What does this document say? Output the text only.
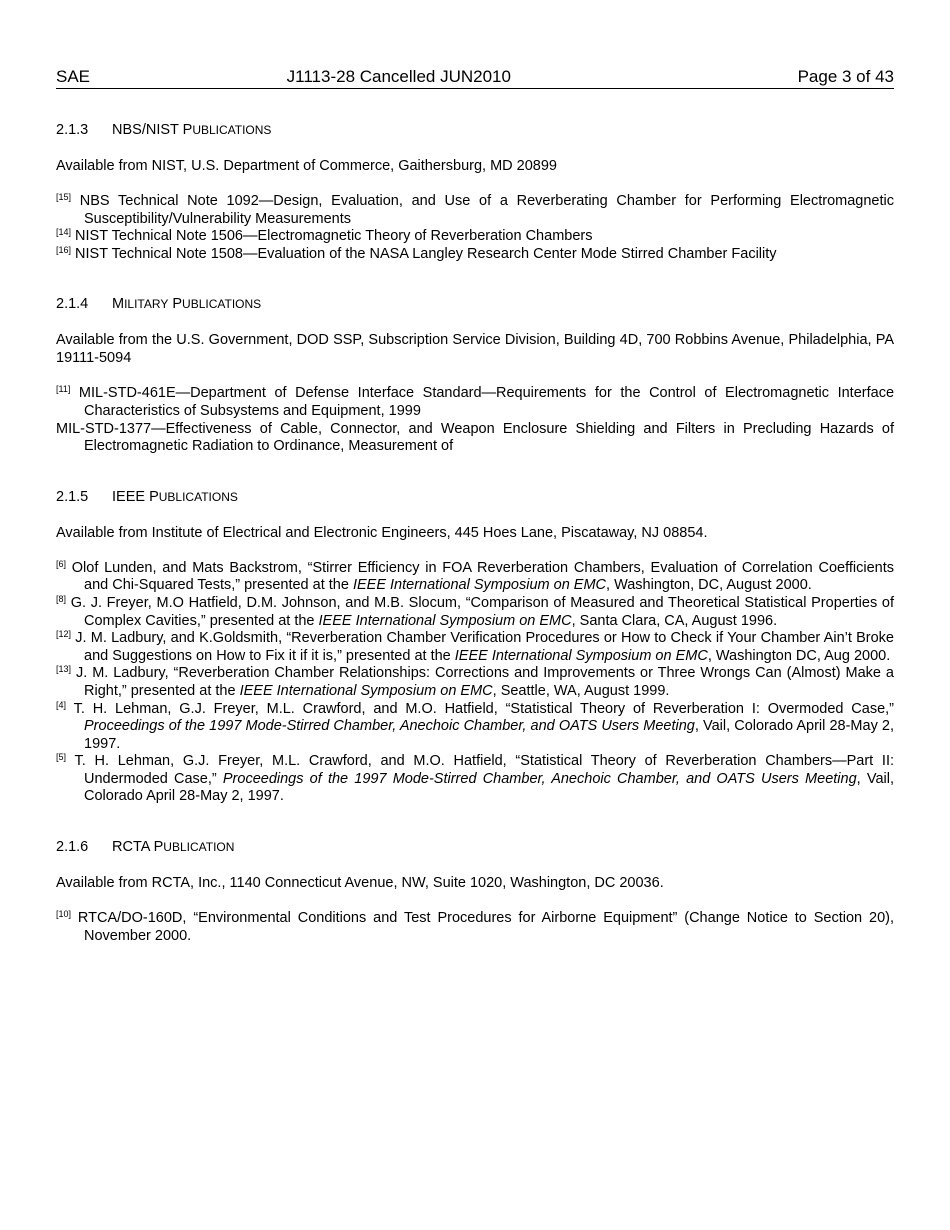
SAE	J1113-28 Cancelled JUN2010	Page 3 of 43
2.1.3 NBS/NIST PUBLICATIONS
Available from NIST, U.S. Department of Commerce, Gaithersburg, MD 20899
[15] NBS Technical Note 1092—Design, Evaluation, and Use of a Reverberating Chamber for Performing Electromagnetic Susceptibility/Vulnerability Measurements
[14] NIST Technical Note 1506—Electromagnetic Theory of Reverberation Chambers
[16] NIST Technical Note 1508—Evaluation of the NASA Langley Research Center Mode Stirred Chamber Facility
2.1.4 MILITARY PUBLICATIONS
Available from the U.S. Government, DOD SSP, Subscription Service Division, Building 4D, 700 Robbins Avenue, Philadelphia, PA 19111-5094
[11] MIL-STD-461E—Department of Defense Interface Standard—Requirements for the Control of Electromagnetic Interface Characteristics of Subsystems and Equipment, 1999
MIL-STD-1377—Effectiveness of Cable, Connector, and Weapon Enclosure Shielding and Filters in Precluding Hazards of Electromagnetic Radiation to Ordinance, Measurement of
2.1.5 IEEE PUBLICATIONS
Available from Institute of Electrical and Electronic Engineers, 445 Hoes Lane, Piscataway, NJ 08854.
[6] Olof Lunden, and Mats Backstrom, “Stirrer Efficiency in FOA Reverberation Chambers, Evaluation of Correlation Coefficients and Chi-Squared Tests,” presented at the IEEE International Symposium on EMC, Washington, DC, August 2000.
[8] G. J. Freyer, M.O Hatfield, D.M. Johnson, and M.B. Slocum, “Comparison of Measured and Theoretical Statistical Properties of Complex Cavities,” presented at the IEEE International Symposium on EMC, Santa Clara, CA, August 1996.
[12] J. M. Ladbury, and K.Goldsmith, “Reverberation Chamber Verification Procedures or How to Check if Your Chamber Ain’t Broke and Suggestions on How to Fix it if it is,” presented at the IEEE International Symposium on EMC, Washington DC, Aug 2000.
[13] J. M. Ladbury, “Reverberation Chamber Relationships: Corrections and Improvements or Three Wrongs Can (Almost) Make a Right,” presented at the IEEE International Symposium on EMC, Seattle, WA, August 1999.
[4] T. H. Lehman, G.J. Freyer, M.L. Crawford, and M.O. Hatfield, “Statistical Theory of Reverberation I: Overmoded Case,” Proceedings of the 1997 Mode-Stirred Chamber, Anechoic Chamber, and OATS Users Meeting, Vail, Colorado April 28-May 2, 1997.
[5] T. H. Lehman, G.J. Freyer, M.L. Crawford, and M.O. Hatfield, “Statistical Theory of Reverberation Chambers—Part II: Undermoded Case,” Proceedings of the 1997 Mode-Stirred Chamber, Anechoic Chamber, and OATS Users Meeting, Vail, Colorado April 28-May 2, 1997.
2.1.6 RCTA PUBLICATION
Available from RCTA, Inc., 1140 Connecticut Avenue, NW, Suite 1020, Washington, DC 20036.
[10] RTCA/DO-160D, “Environmental Conditions and Test Procedures for Airborne Equipment” (Change Notice to Section 20), November 2000.
